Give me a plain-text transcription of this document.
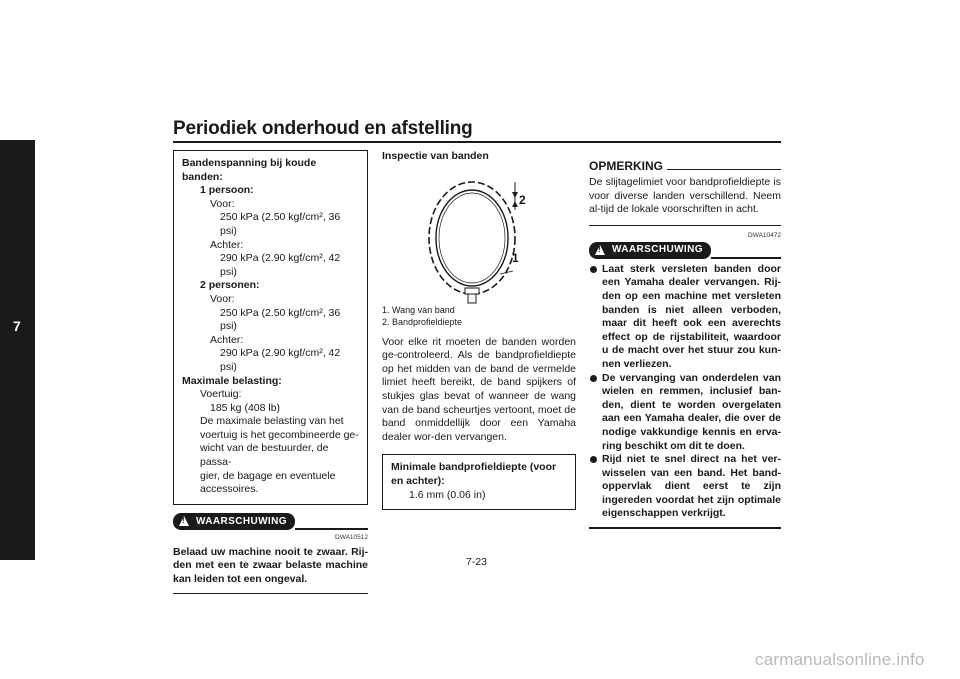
Periodiek onderhoud en afstelling
7
Bandenspanning bij koude banden:
1 persoon:
Voor:
250 kPa (2.50 kgf/cm², 36 psi)
Achter:
290 kPa (2.90 kgf/cm², 42 psi)
2 personen:
Voor:
250 kPa (2.50 kgf/cm², 36 psi)
Achter:
290 kPa (2.90 kgf/cm², 42 psi)
Maximale belasting:
Voertuig:
185 kg (408 lb)
De maximale belasting van het
voertuig is het gecombineerde ge-
wicht van de bestuurder, de passa-
gier, de bagage en eventuele
accessoires.
!
WAARSCHUWING
DWA10512
Belaad uw machine nooit te zwaar. Rij-den met een te zwaar belaste machine kan leiden tot een ongeval.
Inspectie van banden
2
1
1. Wang van band
2. Bandprofieldiepte
Voor elke rit moeten de banden worden ge-controleerd. Als de bandprofieldiepte op het midden van de band de vermelde limiet heeft bereikt, de band spijkers of stukjes glas bevat of wanneer de wang van de band scheurtjes vertoont, moet de band onmiddellijk door een Yamaha dealer wor-den vervangen.
Minimale bandprofieldiepte (voor en achter):
1.6 mm (0.06 in)
OPMERKING
De slijtagelimiet voor bandprofieldiepte is voor diverse landen verschillend. Neem al-tijd de lokale voorschriften in acht.
DWA10472
!
WAARSCHUWING
Laat sterk versleten banden door een Yamaha dealer vervangen. Rij-den op een machine met versleten banden is niet alleen verboden, maar dit heeft ook een averechts effect op de rijstabiliteit, waardoor u de macht over het stuur zou kun-nen verliezen.
De vervanging van onderdelen van wielen en remmen, inclusief ban-den, dient te worden overgelaten aan een Yamaha dealer, die over de nodige vakkundige kennis en erva-ring beschikt om dit te doen.
Rijd niet te snel direct na het ver-wisselen van een band. Het band-oppervlak dient eerst te zijn ingereden voordat het zijn optimale eigenschappen verkrijgt.
7-23
carmanualsonline.info
